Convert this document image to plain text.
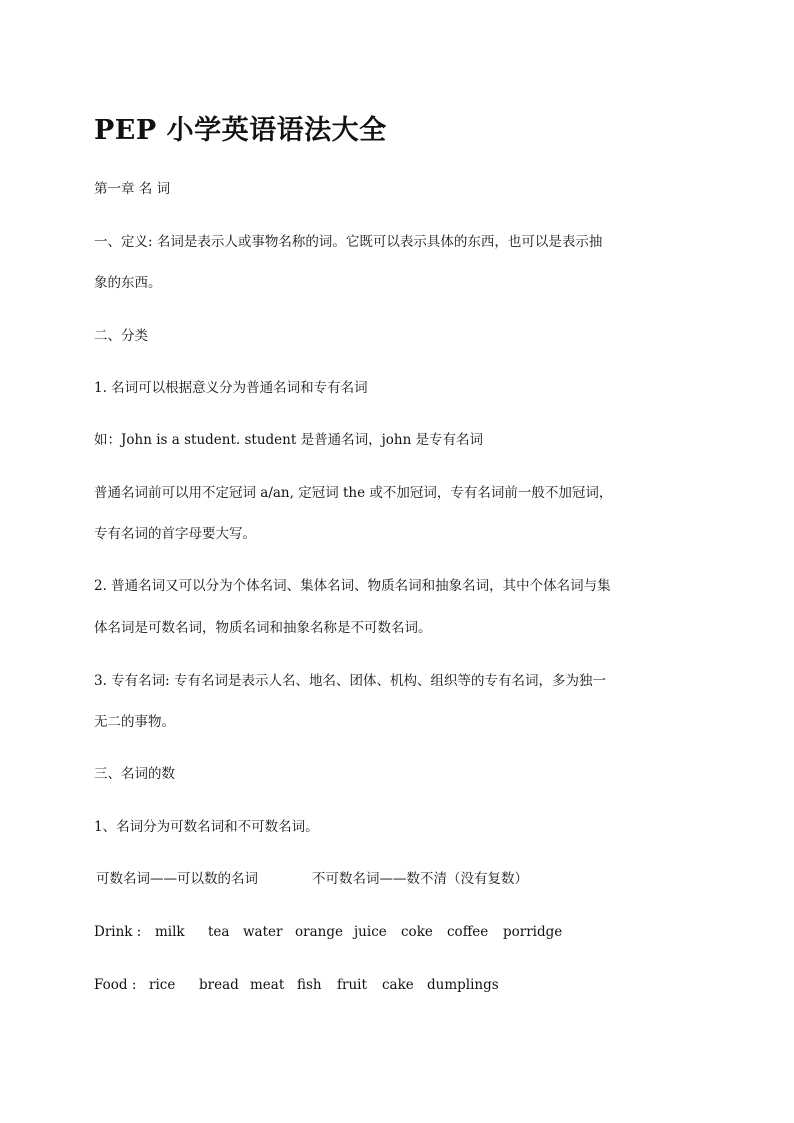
PEP 小学英语语法大全

第一章 名 词

一、定义: 名词是表示人或事物名称的词。它既可以表示具体的东西，也可以是表示抽

象的东西。

二、分类

1. 名词可以根据意义分为普通名词和专有名词

如：John is a student. student 是普通名词，john 是专有名词

普通名词前可以用不定冠词 a/an, 定冠词 the 或不加冠词，专有名词前一般不加冠词，

专有名词的首字母要大写。

2. 普通名词又可以分为个体名词、集体名词、物质名词和抽象名词，其中个体名词与集

体名词是可数名词，物质名词和抽象名称是不可数名词。

3. 专有名词: 专有名词是表示人名、地名、团体、机构、组织等的专有名词，多为独一

无二的事物。

三、名词的数

1、名词分为可数名词和不可数名词。

可数名词——可以数的名词	不可数名词——数不清（没有复数）
Drink : milk tea water orange juice coke coffee porridge
Food : rice bread meat fish fruit cake dumplings
